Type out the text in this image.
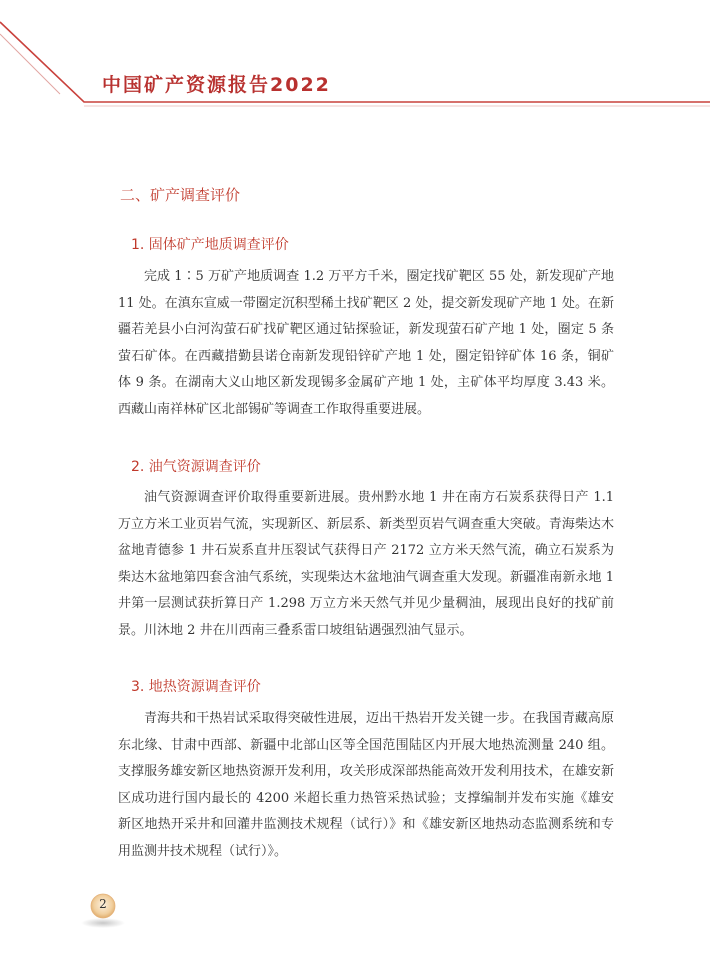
中国矿产资源报告2022
二、矿产调查评价
1. 固体矿产地质调查评价

完成 1∶5 万矿产地质调查 1.2 万平方千米，圈定找矿靶区 55 处，新发现矿产地 11 处。在滇东宣威一带圈定沉积型稀土找矿靶区 2 处，提交新发现矿产地 1 处。在新疆若羌县小白河沟萤石矿找矿靶区通过钻探验证，新发现萤石矿产地 1 处，圈定 5 条萤石矿体。在西藏措勤县诺仓南新发现铅锌矿产地 1 处，圈定铅锌矿体 16 条，铜矿体 9 条。在湖南大义山地区新发现锡多金属矿产地 1 处，主矿体平均厚度 3.43 米。西藏山南祥林矿区北部锡矿等调查工作取得重要进展。

2. 油气资源调查评价

油气资源调查评价取得重要新进展。贵州黔水地 1 井在南方石炭系获得日产 1.1 万立方米工业页岩气流，实现新区、新层系、新类型页岩气调查重大突破。青海柴达木盆地青德参 1 井石炭系直井压裂试气获得日产 2172 立方米天然气流，确立石炭系为柴达木盆地第四套含油气系统，实现柴达木盆地油气调查重大发现。新疆准南新永地 1 井第一层测试获折算日产 1.298 万立方米天然气并见少量稠油，展现出良好的找矿前景。川沐地 2 井在川西南三叠系雷口坡组钻遇强烈油气显示。

3. 地热资源调查评价

青海共和干热岩试采取得突破性进展，迈出干热岩开发关键一步。在我国青藏高原东北缘、甘肃中西部、新疆中北部山区等全国范围陆区内开展大地热流测量 240 组。支撑服务雄安新区地热资源开发利用，攻关形成深部热能高效开发利用技术，在雄安新区成功进行国内最长的 4200 米超长重力热管采热试验；支撑编制并发布实施《雄安新区地热开采井和回灌井监测技术规程（试行）》和《雄安新区地热动态监测系统和专用监测井技术规程（试行）》。

2
